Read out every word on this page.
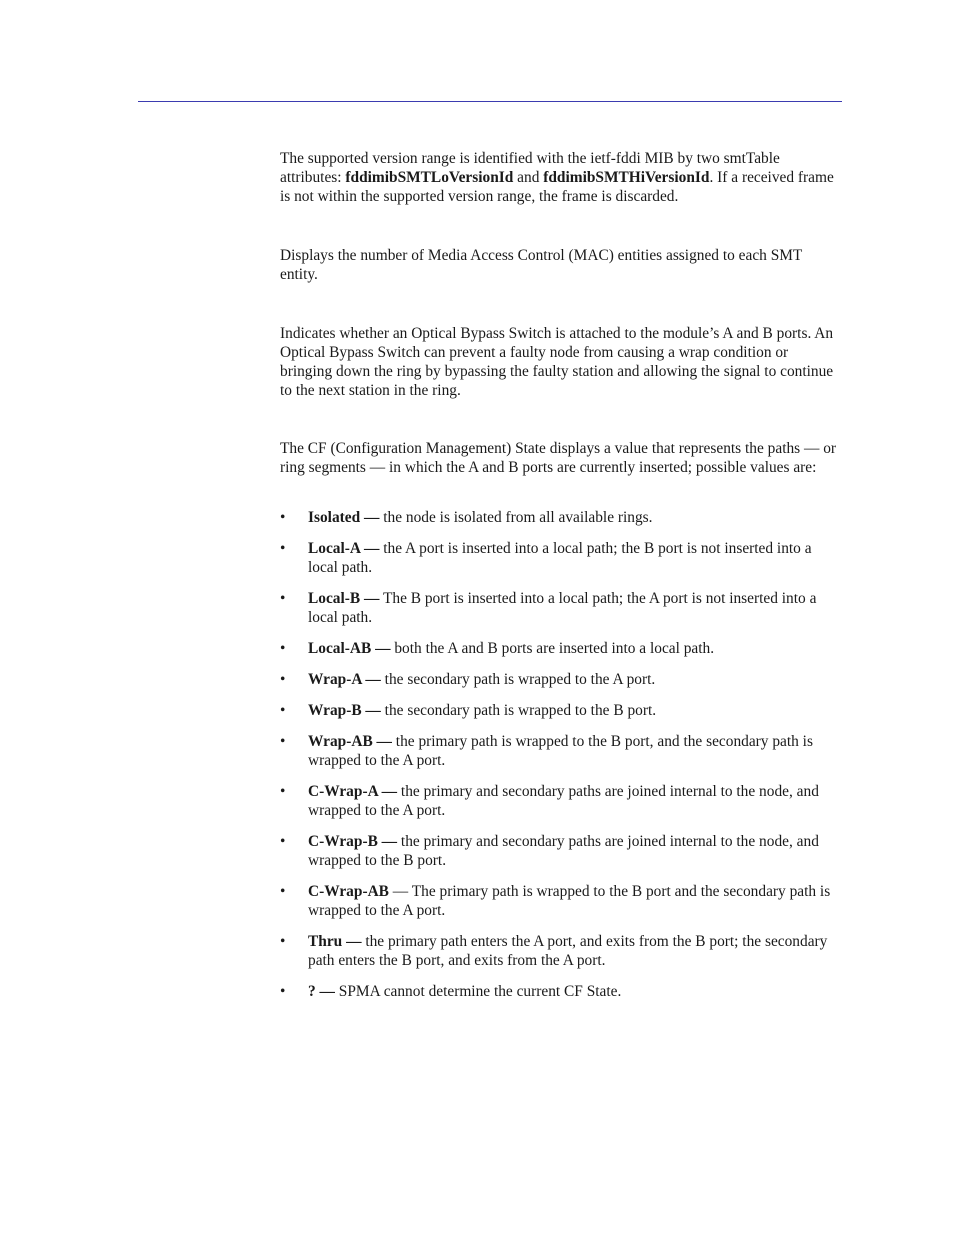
The supported version range is identified with the ietf-fddi MIB by two smtTable attributes: fddimibSMTLoVersionId and fddimibSMTHiVersionId. If a received frame is not within the supported version range, the frame is discarded.

Displays the number of Media Access Control (MAC) entities assigned to each SMT entity.

Indicates whether an Optical Bypass Switch is attached to the module’s A and B ports. An Optical Bypass Switch can prevent a faulty node from causing a wrap condition or bringing down the ring by bypassing the faulty station and allowing the signal to continue to the next station in the ring.

The CF (Configuration Management) State displays a value that represents the paths — or ring segments — in which the A and B ports are currently inserted; possible values are:

•	Isolated — the node is isolated from all available rings.
•	Local-A — the A port is inserted into a local path; the B port is not inserted into a local path.
•	Local-B — The B port is inserted into a local path; the A port is not inserted into a local path.
•	Local-AB — both the A and B ports are inserted into a local path.
•	Wrap-A — the secondary path is wrapped to the A port.
•	Wrap-B — the secondary path is wrapped to the B port.
•	Wrap-AB — the primary path is wrapped to the B port, and the secondary path is wrapped to the A port.
•	C-Wrap-A — the primary and secondary paths are joined internal to the node, and wrapped to the A port.
•	C-Wrap-B — the primary and secondary paths are joined internal to the node, and wrapped to the B port.
•	C-Wrap-AB — The primary path is wrapped to the B port and the secondary path is wrapped to the A port.
•	Thru — the primary path enters the A port, and exits from the B port; the secondary path enters the B port, and exits from the A port.
•	? — SPMA cannot determine the current CF State.
